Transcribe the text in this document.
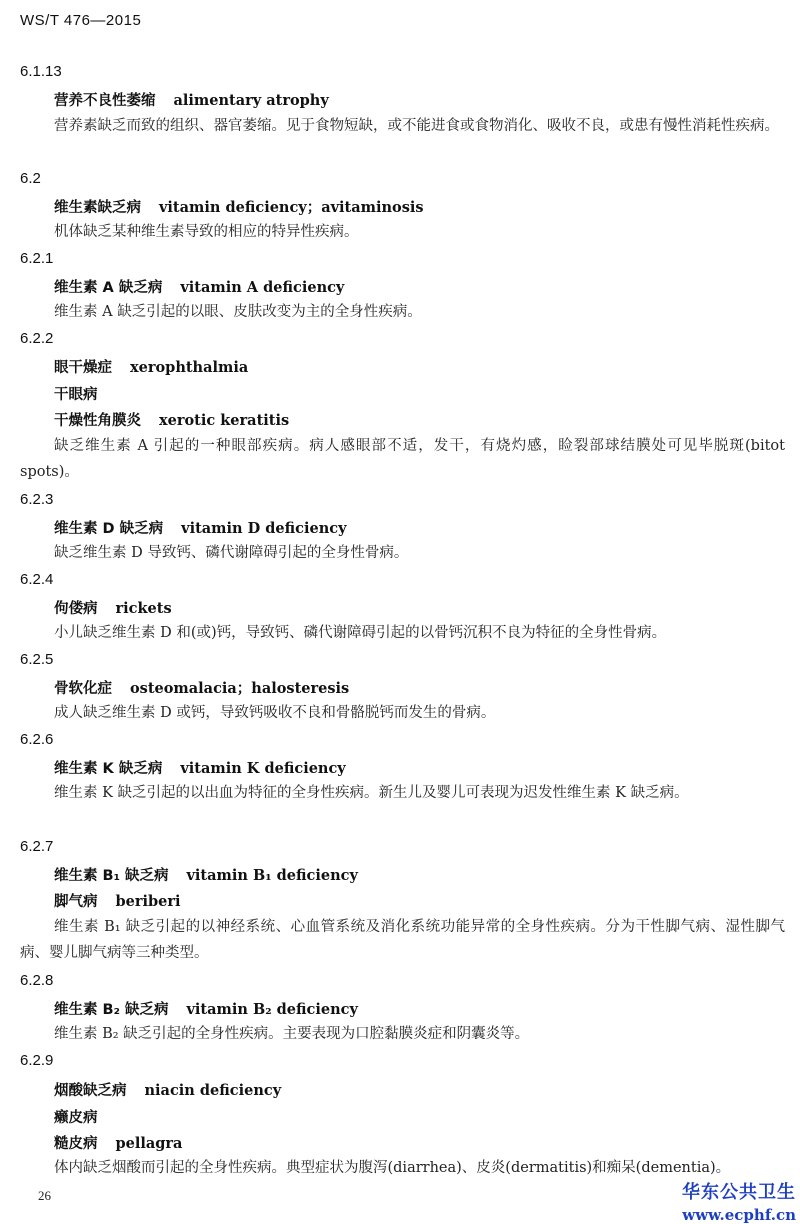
WS/T 476—2015
6.1.13
营养不良性萎缩 alimentary atrophy
营养素缺乏而致的组织、器官萎缩。见于食物短缺，或不能进食或食物消化、吸收不良，或患有慢性消耗性疾病。
6.2
维生素缺乏病 vitamin deficiency；avitaminosis
机体缺乏某种维生素导致的相应的特异性疾病。
6.2.1
维生素 A 缺乏病 vitamin A deficiency
维生素 A 缺乏引起的以眼、皮肤改变为主的全身性疾病。
6.2.2
眼干燥症 xerophthalmia
干眼病
干燥性角膜炎 xerotic keratitis
缺乏维生素 A 引起的一种眼部疾病。病人感眼部不适，发干，有烧灼感，睑裂部球结膜处可见毕脱斑(bitot spots)。
6.2.3
维生素 D 缺乏病 vitamin D deficiency
缺乏维生素 D 导致钙、磷代谢障碍引起的全身性骨病。
6.2.4
佝偻病 rickets
小儿缺乏维生素 D 和(或)钙，导致钙、磷代谢障碍引起的以骨钙沉积不良为特征的全身性骨病。
6.2.5
骨软化症 osteomalacia；halosteresis
成人缺乏维生素 D 或钙，导致钙吸收不良和骨骼脱钙而发生的骨病。
6.2.6
维生素 K 缺乏病 vitamin K deficiency
维生素 K 缺乏引起的以出血为特征的全身性疾病。新生儿及婴儿可表现为迟发性维生素 K 缺乏病。
6.2.7
维生素 B₁ 缺乏病 vitamin B₁ deficiency
脚气病 beriberi
维生素 B₁ 缺乏引起的以神经系统、心血管系统及消化系统功能异常的全身性疾病。分为干性脚气病、湿性脚气病、婴儿脚气病等三种类型。
6.2.8
维生素 B₂ 缺乏病 vitamin B₂ deficiency
维生素 B₂ 缺乏引起的全身性疾病。主要表现为口腔黏膜炎症和阴囊炎等。
6.2.9
烟酸缺乏病 niacin deficiency
癞皮病
糙皮病 pellagra
体内缺乏烟酸而引起的全身性疾病。典型症状为腹泻(diarrhea)、皮炎(dermatitis)和痴呆(dementia)。
26	华东公共卫生
www.ecphf.cn
